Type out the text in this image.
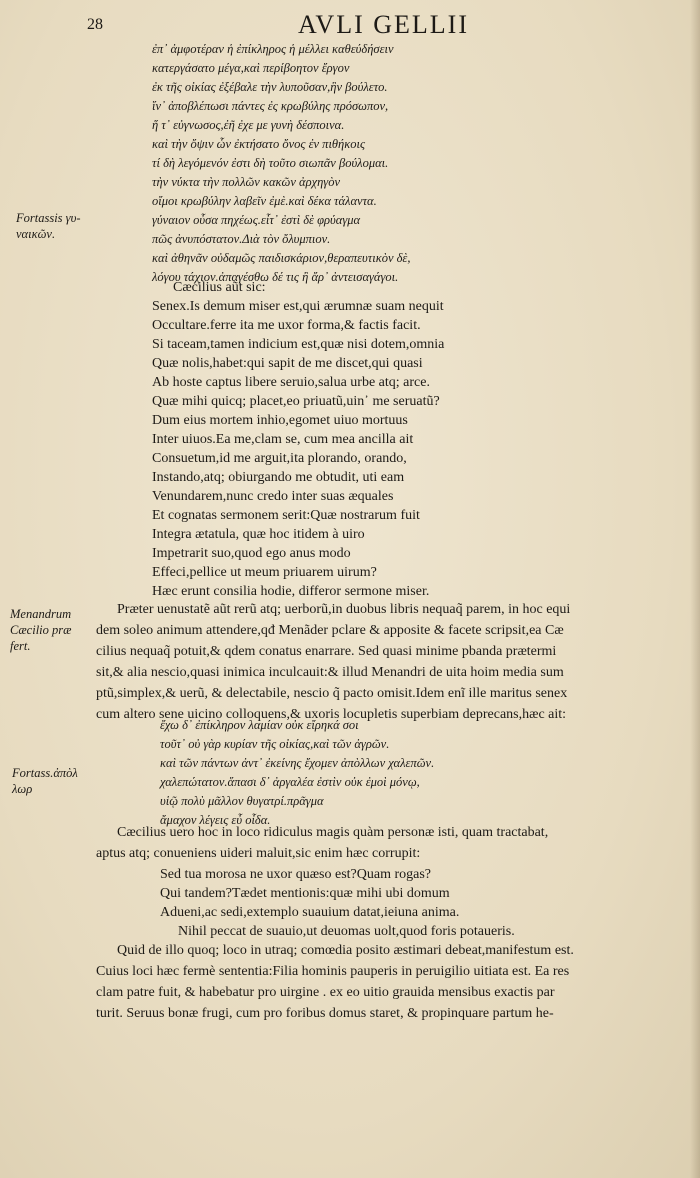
28	AVLI GELLII
Fortassis γυ-
ναικῶν.
Menandrum
Cæcilio præ
fert.
Fortass.ἀπὸλ
λωρ
ἐπ᾽ ἀμφοτέραν ἡ ἐπίκληρος ἡ μέλλει καθεύδήσειν
κατεργάσατο μέγα,καὶ περίβοητον ἔργον
ἐκ τῆς οἰκίας ἐξέβαλε τὴν λυποῦσαν,ἣν βούλετο.
ἵν᾽ ἀποβλέπωσι πάντες ἐς κρωβύλης πρόσωπον,
ἥ τ᾽ εὐγνωσος,ἐῆ ἐχε με γυνὴ δέσποινα.
καὶ τὴν ὄψιν ὧν ἐκτήσατο ὄνος ἐν πιθήκοις
τί δὴ λεγόμενόν ἐστι δὴ τοῦτο σιωπᾶν βούλομαι.
τὴν νύκτα τὴν πολλῶν κακῶν ἀρχηγὸν
οἴμοι κρωβύλην λαβεῖν ἐμὲ.καὶ δέκα τάλαντα.
γύναιον οὖσα πηχέως.εἶτ᾽ ἐστὶ δὲ φρύαγμα
πῶς ἀνυπόστατον.Διὰ τὸν ὄλυμπιον.
καὶ ἀθηνᾶν οὐδαμῶς παιδισκάριον,θεραπευτικὸν δὲ,
λόγου τάχιον.ἀπαγέσθω δέ τις ἢ ἄρ᾽ ἀντεισαγάγοι.
Cæcilius aũt sic:
Senex.Is demum miser est,qui ærumnæ suam nequit
Occultare.ferre ita me uxor forma,& factis facit.
Si taceam,tamen indicium est,quæ nisi dotem,omnia
Quæ nolis,habet:qui sapit de me discet,qui quasi
Ab hoste captus libere seruio,salua urbe atq; arce.
Quæ mihi quicq; placet,eo priuatũ,uin᾽ me seruatũ?
Dum eius mortem inhio,egomet uiuo mortuus
Inter uiuos.Ea me,clam se, cum mea ancilla ait
Consuetum,id me arguit,ita plorando, orando,
Instando,atq; obiurgando me obtudit, uti eam
Venundarem,nunc credo inter suas æquales
Et cognatas sermonem serit:Quæ nostrarum fuit
Integra ætatula, quæ hoc itidem à uiro
Impetrarit suo,quod ego anus modo
Effeci,pellice ut meum priuarem uirum?
Hæc erunt consilia hodie, differor sermone miser.
Præter uenustatẽ aũt rerũ atq; uerborũ,in duobus libris nequaq̃ parem, in hoc equi
dem soleo animum attendere,qđ Menãder pclare & apposite & facete scripsit,ea Cæ
cilius nequaq̃ potuit,& qdem conatus enarrare. Sed quasi minime pbanda prætermi
sit,& alia nescio,quasi inimica inculcauit:& illud Menandri de uita hoim media sum
ptũ,simplex,& uerũ, & delectabile, nescio q̃ pacto omisit.Idem enĩ ille maritus senex
cum altero sene uicino colloquens,& uxoris locupletis superbiam deprecans,hæc ait:
ἔχω δ᾽ ἐπίκληρον λαμίαν οὐκ εἴρηκά σοι
τοῦτ᾽ οὐ γὰρ κυρίαν τῆς οἰκίας,καὶ τῶν ἀγρῶν.
καὶ τῶν πάντων ἀντ᾽ ἐκείνης ἔχομεν ἀπὸλλων χαλεπῶν.
χαλεπώτατον.ἅπασι δ᾽ ἀργαλέα ἐστὶν οὐκ ἐμοὶ μόνῳ,
υἱῷ πολὺ μᾶλλον θυγατρί.πρᾶγμα
ἄμαχον λέγεις εὖ οἶδα.
Cæcilius uero hoc in loco ridiculus magis quàm personæ isti, quam tractabat,
aptus atq; conueniens uideri maluit,sic enim hæc corrupit:
Sed tua morosa ne uxor quæso est?Quam rogas?
Qui tandem?Tædet mentionis:quæ mihi ubi domum
Adueni,ac sedi,extemplo suauium datat,ieiuna anima.
Nihil peccat de suauio,ut deuomas uolt,quod foris potaueris.
Quid de illo quoq; loco in utraq; comœdia posito æstimari debeat,manifestum est.
Cuius loci hæc fermè sententia:Filia hominis pauperis in peruigilio uitiata est. Ea res
clam patre fuit, & habebatur pro uirgine . ex eo uitio grauida mensibus exactis par
turit. Seruus bonæ frugi, cum pro foribus domus staret, & propinquare partum he-
